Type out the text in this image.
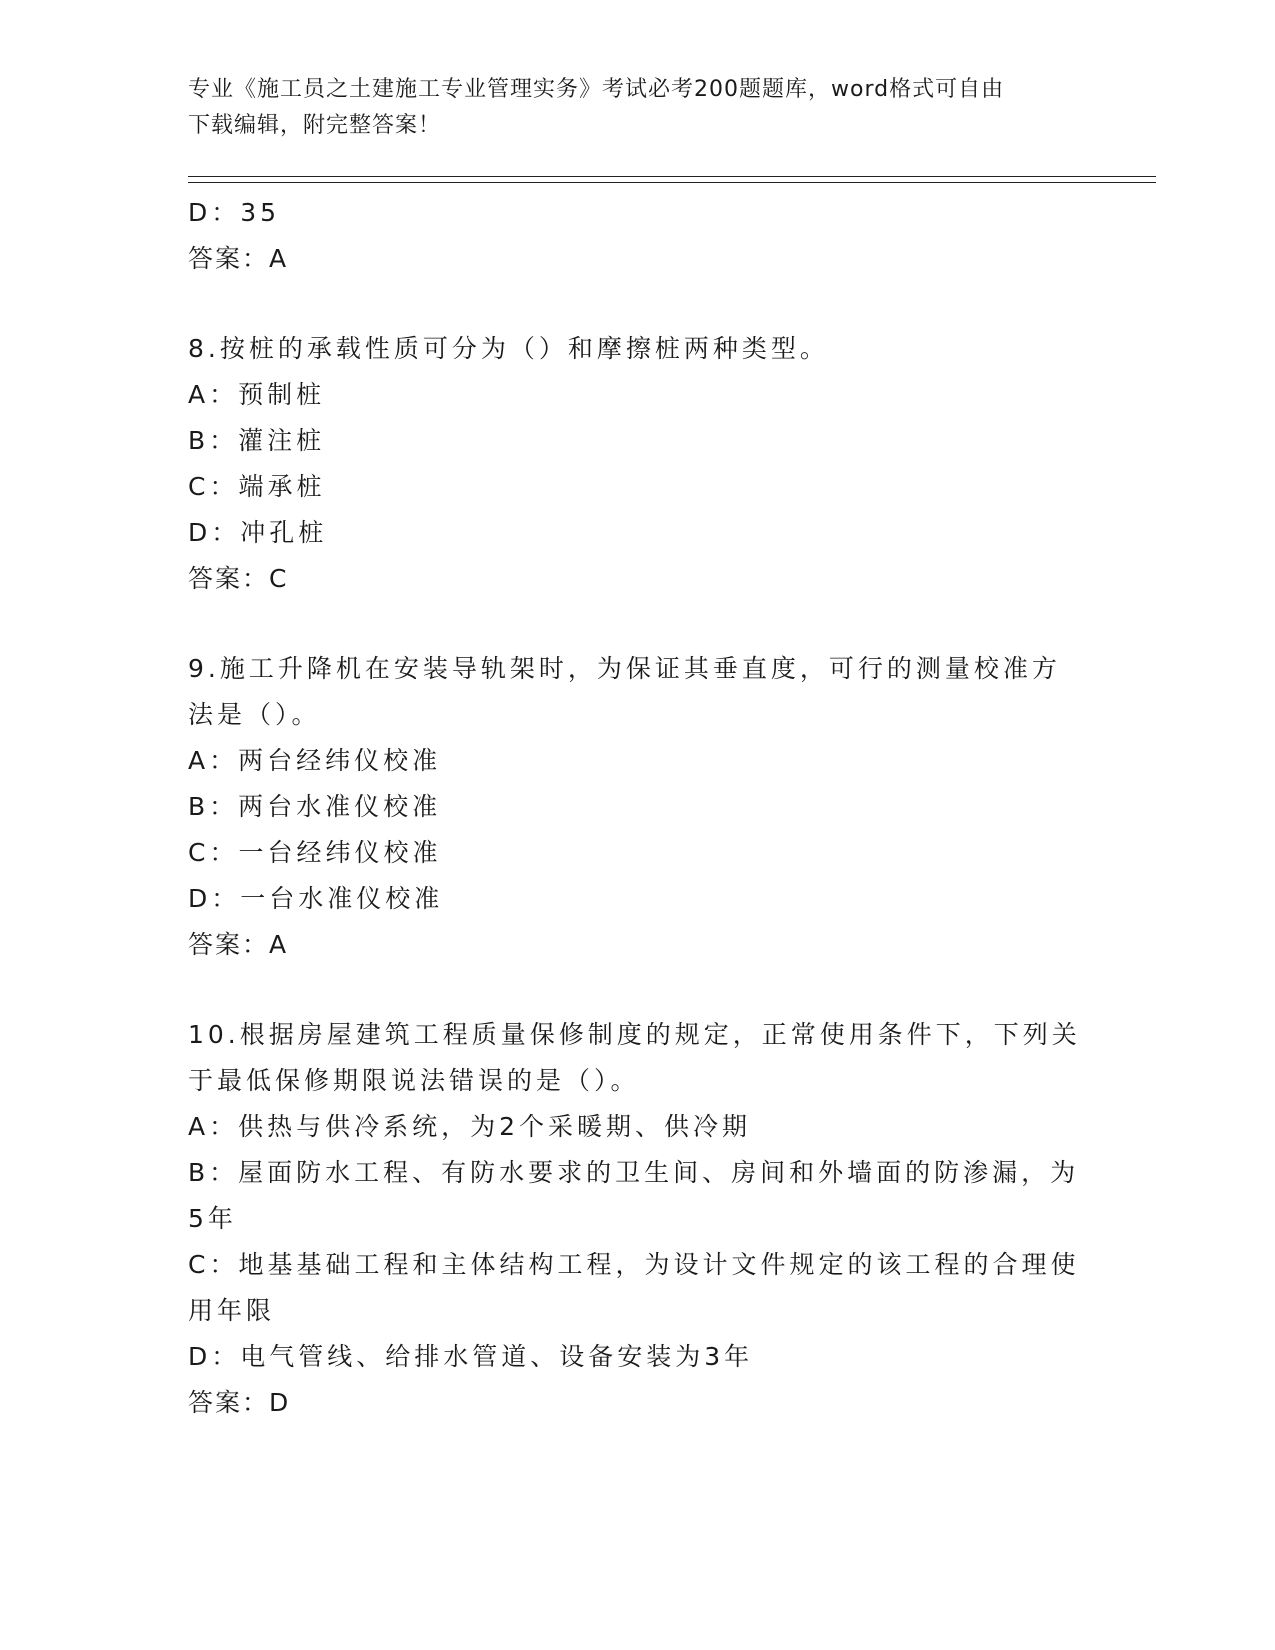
专业《施工员之土建施工专业管理实务》考试必考200题题库，word格式可自由
下载编辑，附完整答案！
D：35
答案：A
8.按桩的承载性质可分为（）和摩擦桩两种类型。
A：预制桩
B：灌注桩
C：端承桩
D：冲孔桩
答案：C
9.施工升降机在安装导轨架时，为保证其垂直度，可行的测量校准方
法是（）。
A：两台经纬仪校准
B：两台水准仪校准
C：一台经纬仪校准
D：一台水准仪校准
答案：A
10.根据房屋建筑工程质量保修制度的规定，正常使用条件下，下列关
于最低保修期限说法错误的是（）。
A：供热与供冷系统，为2个采暖期、供冷期
B：屋面防水工程、有防水要求的卫生间、房间和外墙面的防渗漏，为
5年
C：地基基础工程和主体结构工程，为设计文件规定的该工程的合理使
用年限
D：电气管线、给排水管道、设备安装为3年
答案：D
